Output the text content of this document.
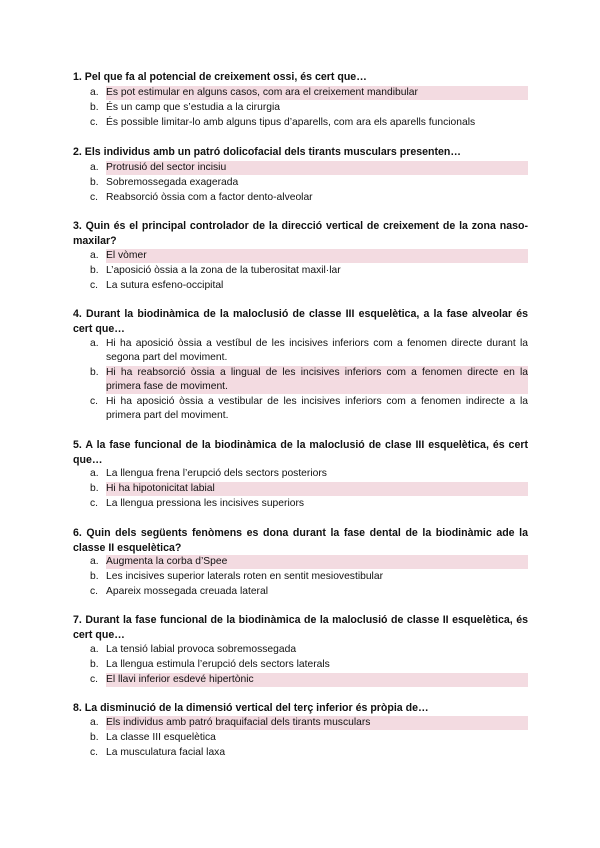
1. Pel que fa al potencial de creixement ossi, és cert que…
a. Es pot estimular en alguns casos, com ara el creixement mandibular
b. És un camp que s’estudia a la cirurgia
c. És possible limitar-lo amb alguns tipus d’aparells, com ara els aparells funcionals
2. Els individus amb un patró dolicofacial dels tirants musculars presenten…
a. Protrusió del sector incisiu
b. Sobremossegada exagerada
c. Reabsorció òssia com a factor dento-alveolar
3. Quin és el principal controlador de la direcció vertical de creixement de la zona naso-maxilar?
a. El vòmer
b. L’aposició òssia a la zona de la tuberositat maxil·lar
c. La sutura esfeno-occipital
4. Durant la biodinàmica de la maloclusió de classe III esquelètica, a la fase alveolar és cert que…
a. Hi ha aposició òssia a vestíbul de les incisives inferiors com a fenomen directe durant la segona part del moviment.
b. Hi ha reabsorció òssia a lingual de les incisives inferiors com a fenomen directe en la primera fase de moviment.
c. Hi ha aposició òssia a vestibular de les incisives inferiors com a fenomen indirecte a la primera part del moviment.
5. A la fase funcional de la biodinàmica de la maloclusió de clase III esquelètica, és cert que…
a. La llengua frena l’erupció dels sectors posteriors
b. Hi ha hipotonicitat labial
c. La llengua pressiona les incisives superiors
6. Quin dels següents fenòmens es dona durant la fase dental de la biodinàmic ade la classe II esquelètica?
a. Augmenta la corba d’Spee
b. Les incisives superior laterals roten en sentit mesiovestibular
c. Apareix mossegada creuada lateral
7. Durant la fase funcional de la biodinàmica de la maloclusió de classe II esquelètica, és cert que…
a. La tensió labial provoca sobremossegada
b. La llengua estimula l’erupció dels sectors laterals
c. El llavi inferior esdevé hipertònic
8. La disminució de la dimensió vertical del terç inferior és pròpia de…
a. Els individus amb patró braquifacial dels tirants musculars
b. La classe III esquelètica
c. La musculatura facial laxa
